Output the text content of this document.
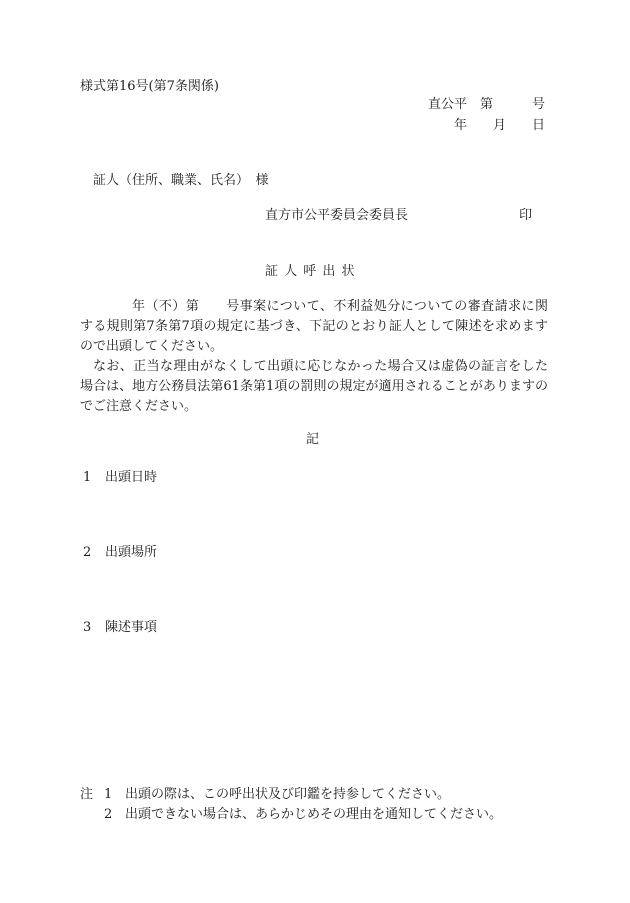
様式第16号(第7条関係)
直公平　第　　　号
年　　月　　日
証人（住所、職業、氏名）　様
直方市公平委員会委員長	印
証 人 呼 出 状
年（不）第　　号事案について、不利益処分についての審査請求に関
する規則第7条第7項の規定に基づき、下記のとおり証人として陳述を求めます
ので出頭してください。
なお、正当な理由がなくして出頭に応じなかった場合又は虚偽の証言をした
場合は、地方公務員法第61条第1項の罰則の規定が適用されることがありますの
でご注意ください。
記
1 出頭日時
2 出頭場所
3 陳述事項
注 1 出頭の際は、この呼出状及び印鑑を持参してください。
2 出頭できない場合は、あらかじめその理由を通知してください。
